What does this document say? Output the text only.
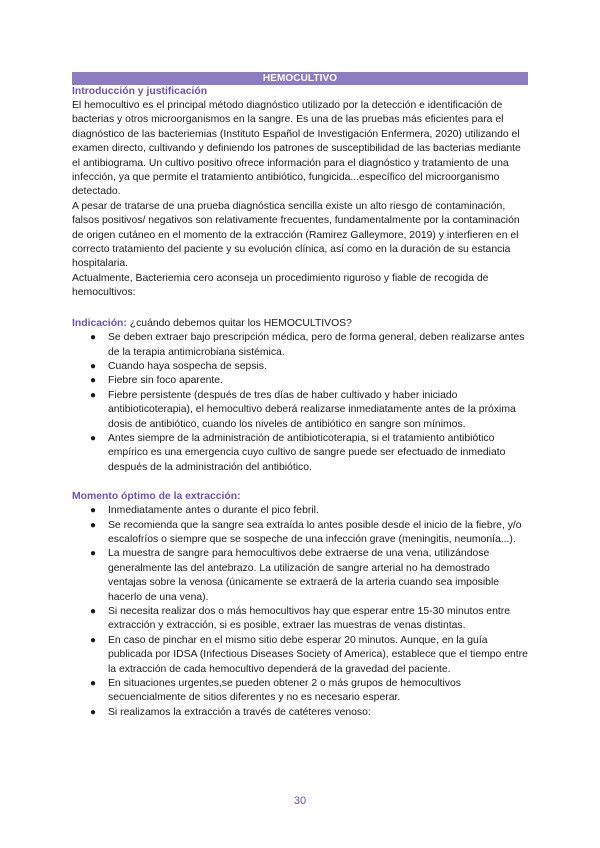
HEMOCULTIVO
Introducción y justificación

El hemocultivo es el principal método diagnóstico utilizado por la detección e identificación de bacterias y otros microorganismos en la sangre. Es una de las pruebas más eficientes para el diagnóstico de las bacteriemias (Instituto Español de Investigación Enfermera, 2020) utilizando el examen directo, cultivando y definiendo los patrones de susceptibilidad de las bacterias mediante el antibiograma. Un cultivo positivo ofrece información para el diagnóstico y tratamiento de una infección, ya que permite el tratamiento antibiótico, fungicida...específico del microorganismo detectado.

A pesar de tratarse de una prueba diagnóstica sencilla existe un alto riesgo de contaminación, falsos positivos/ negativos son relativamente frecuentes, fundamentalmente por la contaminación de origen cutáneo en el momento de la extracción (Ramirez Galleymore, 2019) y interfieren en el correcto tratamiento del paciente y su evolución clínica, así como en la duración de su estancia hospitalaria.

Actualmente, Bacteriemia cero aconseja un procedimiento riguroso y fiable de recogida de hemocultivos:

Indicación: ¿cuándo debemos quitar los HEMOCULTIVOS?
● Se deben extraer bajo prescripción médica, pero de forma general, deben realizarse antes de la terapia antimicrobiana sistémica.
● Cuando haya sospecha de sepsis.
● Fiebre sin foco aparente.
● Fiebre persistente (después de tres días de haber cultivado y haber iniciado antibioticoterapia), el hemocultivo deberá realizarse inmediatamente antes de la próxima dosis de antibiótico, cuando los niveles de antibiótico en sangre son mínimos.
● Antes siempre de la administración de antibioticoterapia, si el tratamiento antibiótico empírico es una emergencia cuyo cultivo de sangre puede ser efectuado de inmediato después de la administración del antibiótico.
Momento óptimo de la extracción:
● Inmediatamente antes o durante el pico febril.
● Se recomienda que la sangre sea extraída lo antes posible desde el inicio de la fiebre, y/o escalofríos o siempre que se sospeche de una infección grave (meningitis, neumonía...).
● La muestra de sangre para hemocultivos debe extraerse de una vena, utilizándose generalmente las del antebrazo. La utilización de sangre arterial no ha demostrado ventajas sobre la venosa (únicamente se extraerá de la arteria cuando sea imposible hacerlo de una vena).
● Si necesita realizar dos o más hemocultivos hay que esperar entre 15-30 minutos entre extracción y extracción, si es posible, extraer las muestras de venas distintas.
● En caso de pinchar en el mismo sitio debe esperar 20 minutos. Aunque, en la guía publicada por IDSA (Infectious Diseases Society of America), establece que el tiempo entre la extracción de cada hemocultivo dependerá de la gravedad del paciente.
● En situaciones urgentes,se pueden obtener 2 o más grupos de hemocultivos secuencialmente de sitios diferentes y no es necesario esperar.
● Si realizamos la extracción a través de catéteres venoso:
30
